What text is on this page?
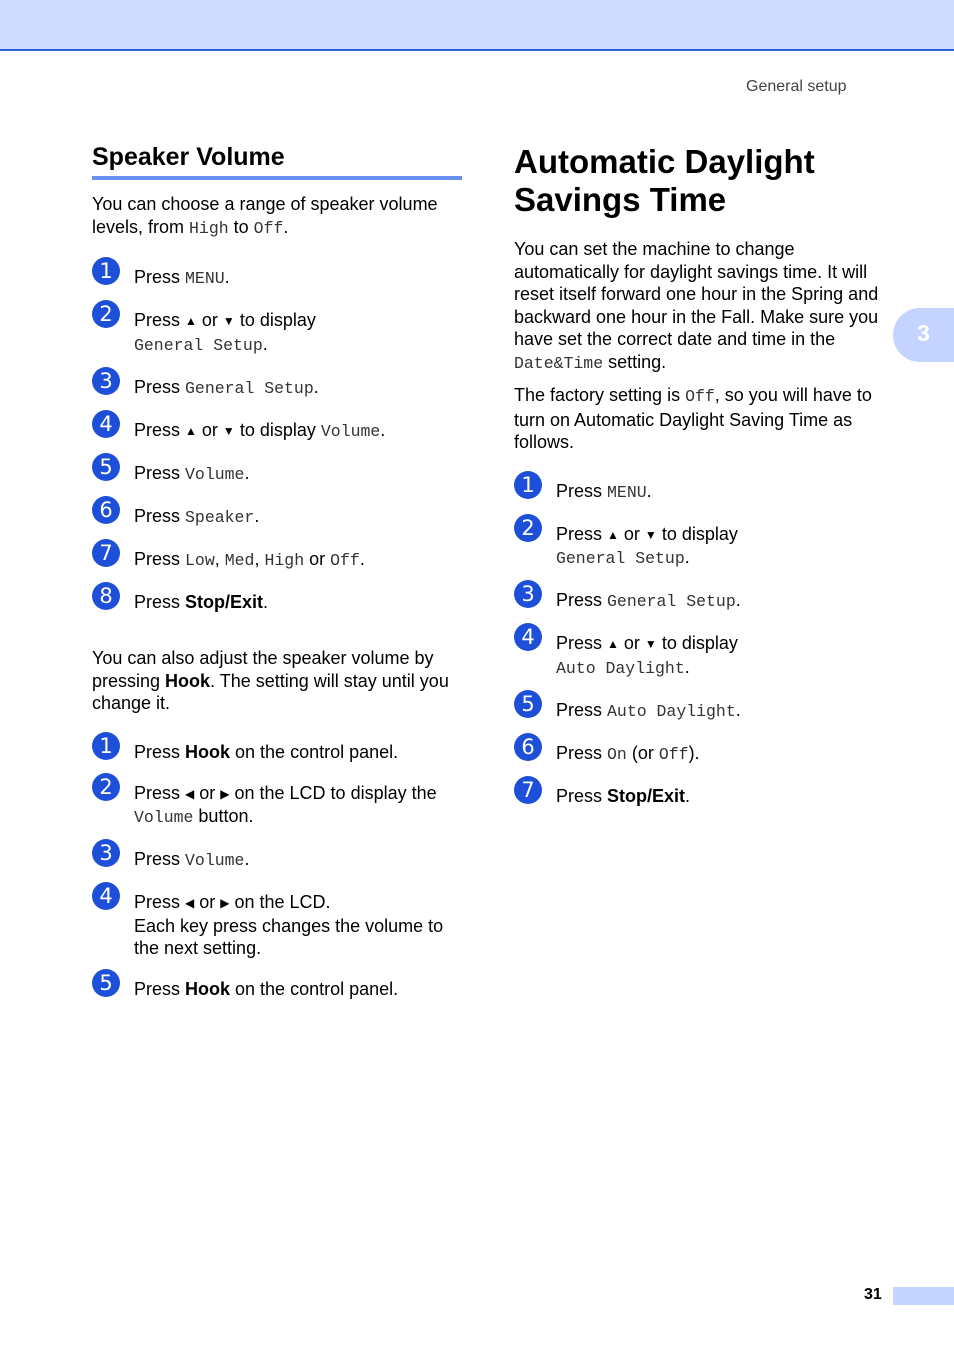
General setup
3
Speaker Volume

You can choose a range of speaker volume levels, from High to Off.

1	Press MENU.
2	Press ▲ or ▼ to display
General Setup.
3	Press General Setup.
4	Press ▲ or ▼ to display Volume.
5	Press Volume.
6	Press Speaker.
7	Press Low, Med, High or Off.
8	Press Stop/Exit.

You can also adjust the speaker volume by pressing Hook. The setting will stay until you change it.

1	Press Hook on the control panel.
2	Press ◀ or ▶ on the LCD to display the
Volume button.
3	Press Volume.
4	Press ◀ or ▶ on the LCD.
Each key press changes the volume to the next setting.
5	Press Hook on the control panel.
Automatic Daylight
Savings Time

You can set the machine to change automatically for daylight savings time. It will reset itself forward one hour in the Spring and backward one hour in the Fall. Make sure you have set the correct date and time in the Date&Time setting.

The factory setting is Off, so you will have to turn on Automatic Daylight Saving Time as follows.

1	Press MENU.
2	Press ▲ or ▼ to display
General Setup.
3	Press General Setup.
4	Press ▲ or ▼ to display
Auto Daylight.
5	Press Auto Daylight.
6	Press On (or Off).
7	Press Stop/Exit.
31
